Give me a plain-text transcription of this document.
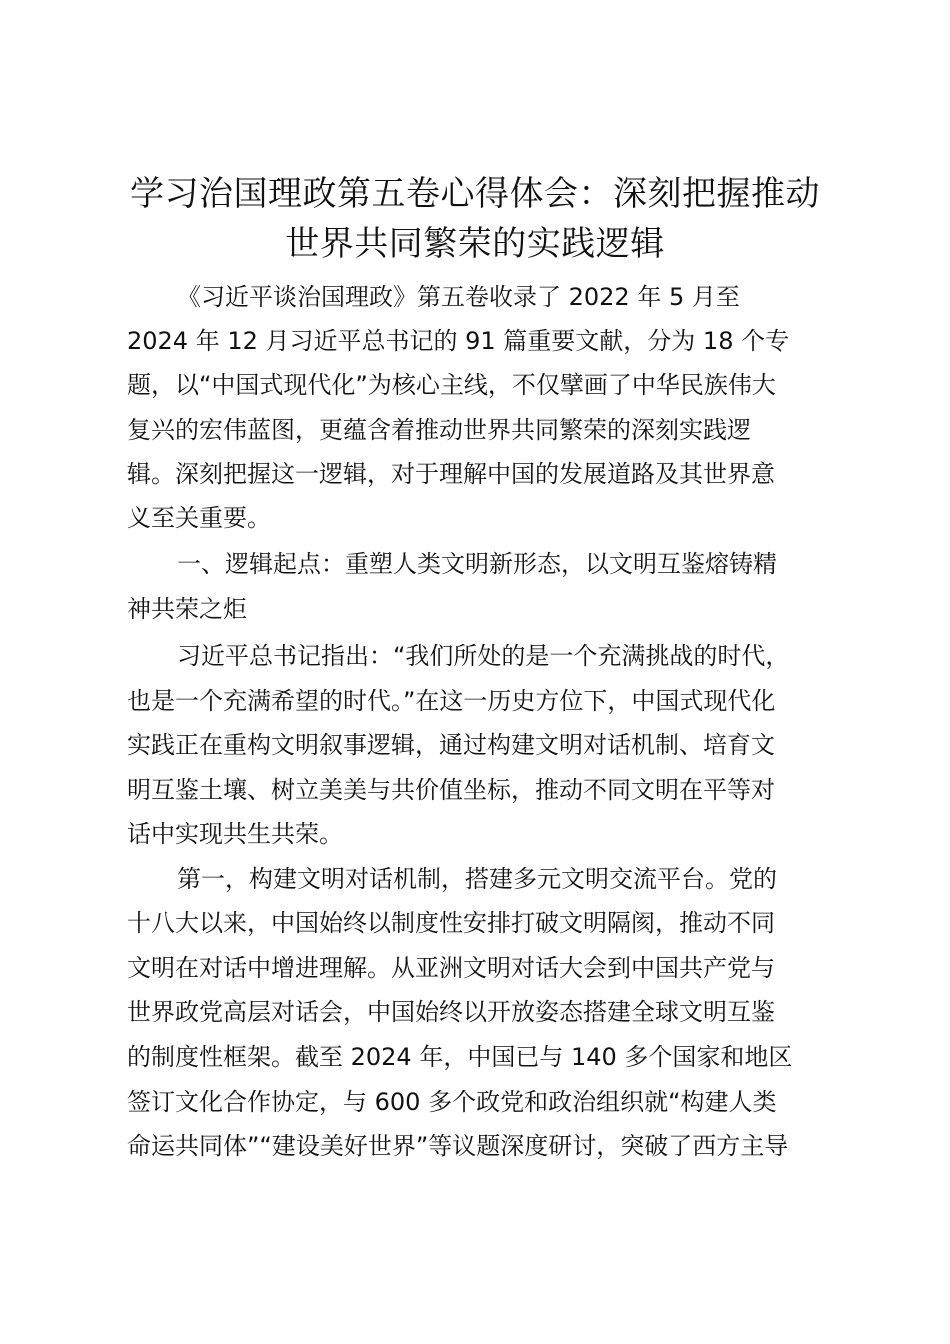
学习治国理政第五卷心得体会：深刻把握推动
世界共同繁荣的实践逻辑

《习近平谈治国理政》第五卷收录了 2022 年 5 月至

2024 年 12 月习近平总书记的 91 篇重要文献，分为 18 个专

题，以“中国式现代化”为核心主线，不仅擘画了中华民族伟大

复兴的宏伟蓝图，更蕴含着推动世界共同繁荣的深刻实践逻

辑。深刻把握这一逻辑，对于理解中国的发展道路及其世界意

义至关重要。

一、逻辑起点：重塑人类文明新形态，以文明互鉴熔铸精

神共荣之炬

习近平总书记指出：“我们所处的是一个充满挑战的时代，

也是一个充满希望的时代。”在这一历史方位下，中国式现代化

实践正在重构文明叙事逻辑，通过构建文明对话机制、培育文

明互鉴土壤、树立美美与共价值坐标，推动不同文明在平等对

话中实现共生共荣。

第一，构建文明对话机制，搭建多元文明交流平台。党的

十八大以来，中国始终以制度性安排打破文明隔阂，推动不同

文明在对话中增进理解。从亚洲文明对话大会到中国共产党与

世界政党高层对话会，中国始终以开放姿态搭建全球文明互鉴

的制度性框架。截至 2024 年，中国已与 140 多个国家和地区

签订文化合作协定，与 600 多个政党和政治组织就“构建人类

命运共同体”“建设美好世界”等议题深度研讨，突破了西方主导
